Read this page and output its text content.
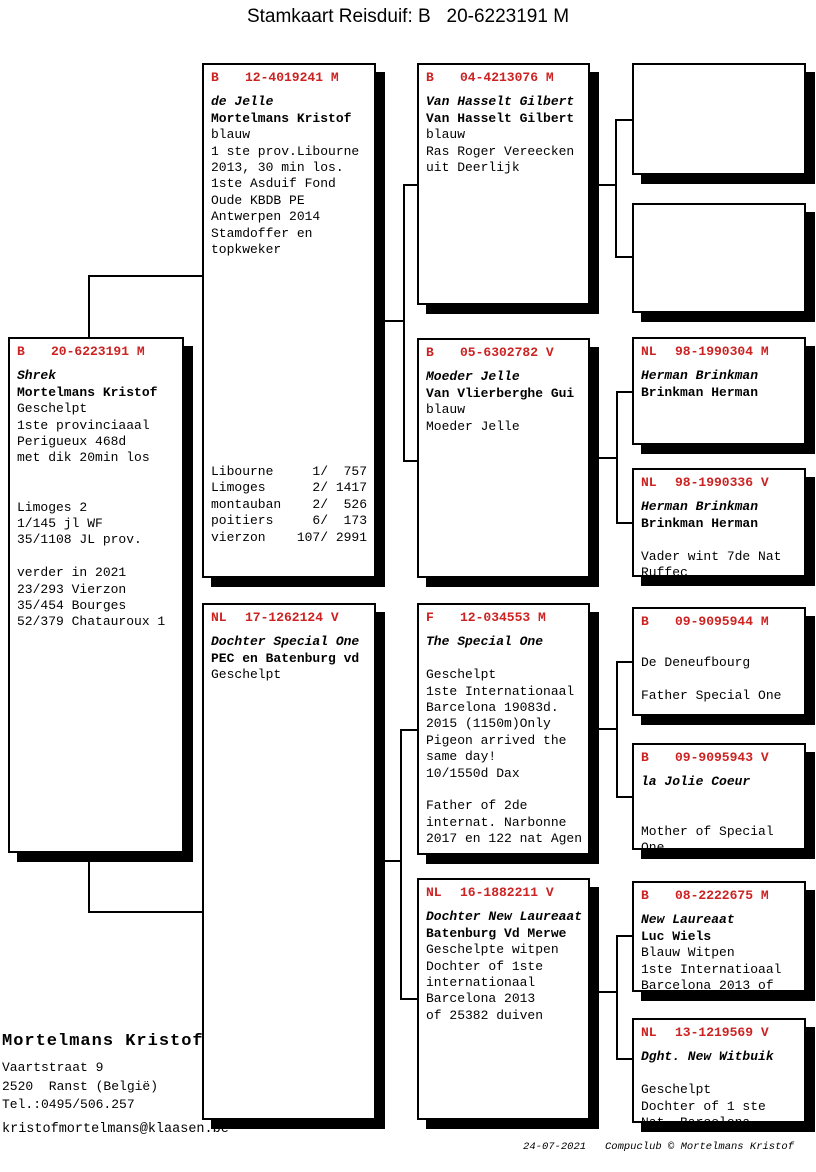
Stamkaart Reisduif: B   20-6223191 M
B	20-6223191 M
Shrek
Mortelmans Kristof
Geschelpt
1ste provinciaaal
Perigueux 468d
met dik 20min los
Limoges 2
1/145 jl WF
35/1108 JL prov.
verder in 2021
23/293 Vierzon
35/454 Bourges
52/379 Chatauroux 1
B	12-4019241 M
de Jelle
Mortelmans Kristof
blauw
1 ste prov.Libourne
2013, 30 min los.
1ste Asduif Fond
Oude KBDB PE
Antwerpen 2014
Stamdoffer en
topkweker
Libourne     1/  757
Limoges      2/ 1417
montauban    2/  526
poitiers     6/  173
vierzon    107/ 2991
NL	17-1262124 V
Dochter Special One
PEC en Batenburg vd
Geschelpt
B	04-4213076 M
Van Hasselt Gilbert
Van Hasselt Gilbert
blauw
Ras Roger Vereecken
uit Deerlijk
B	05-6302782 V
Moeder Jelle
Van Vlierberghe Gui
blauw
Moeder Jelle
F	12-034553 M
The Special One
Geschelpt
1ste Internationaal
Barcelona 19083d.
2015 (1150m)Only
Pigeon arrived the
same day!
10/1550d Dax
Father of 2de
internat. Narbonne
2017 en 122 nat Agen
NL	16-1882211 V
Dochter New Laureaat
Batenburg Vd Merwe
Geschelpte witpen
Dochter of 1ste
internationaal
Barcelona 2013
of 25382 duiven
NL	98-1990304 M
Herman Brinkman
Brinkman Herman
NL	98-1990336 V
Herman Brinkman
Brinkman Herman
Vader wint 7de Nat
Ruffec
B	09-9095944 M
De Deneufbourg
Father Special One
B	09-9095943 V
la Jolie Coeur
Mother of Special
One
B	08-2222675 M
New Laureaat
Luc Wiels
Blauw Witpen
1ste Internatioaal
Barcelona 2013 of
NL	13-1219569 V
Dght. New Witbuik
Geschelpt
Dochter of 1 ste
Nat. Barcelona
Mortelmans Kristof
Vaartstraat 9
2520  Ranst (België)
Tel.:0495/506.257
kristofmortelmans@klaasen.be
24-07-2021 Compuclub © Mortelmans Kristof
